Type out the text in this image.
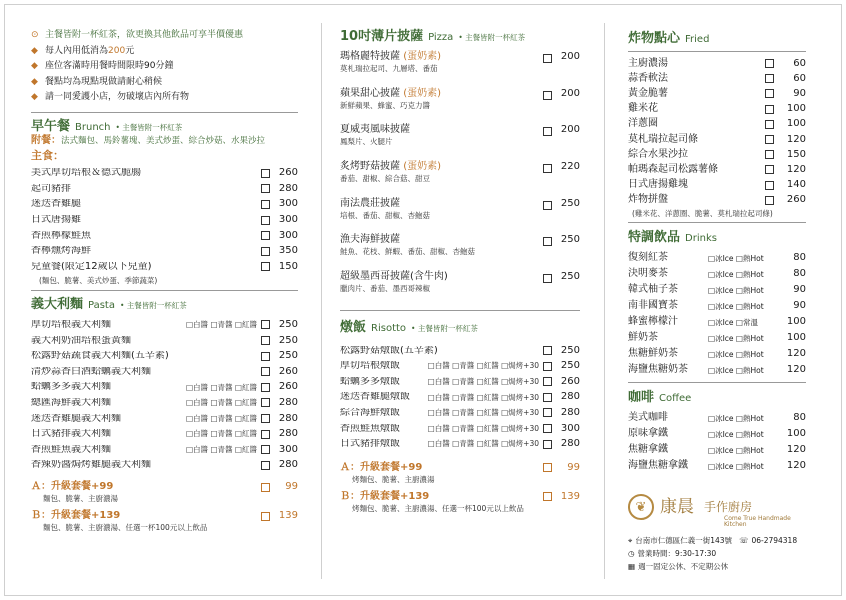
⊙ 主餐皆附一杯紅茶，欲更換其他飲品可享半價優惠
◆ 每人內用低消為 200 元
◆ 座位客滿時用餐時間限時90分鐘
◆ 餐點均為現點現做請耐心稍候
◆ 請一同愛護小店，勿破壞店內所有物
早午餐 Brunch • 主餐皆附一杯紅茶
附餐：法式麵包、馬鈴薯塊、美式炒蛋、綜合炒菇、水果沙拉
主食：
美式厚切培根＆德式脆腸	260
起司豬排	280
迷迭香雞腿	300
日式唐揚雞	300
香煎檸檬鮭魚	300
香檸燻烤海鮮	350
兒童餐(限定12歲以下兒童)	150
(麵包、脆薯、美式炒蛋、季節蔬菜)
義大利麵 Pasta • 主餐皆附一杯紅茶
厚切培根義大利麵	□白醬 □青醬 □紅醬 250
義大利奶油培根蛋黃麵	250
松露野菇蔬食義大利麵(五辛素)	250
清炒蒜香白酒蛤蠣義大利麵	260
蛤蠣多多義大利麵	□白醬 □青醬 □紅醬 260
總匯海鮮義大利麵	□白醬 □青醬 □紅醬 280
迷迭香雞腿義大利麵	□白醬 □青醬 □紅醬 280
日式豬排義大利麵	□白醬 □青醬 □紅醬 280
香煎鮭魚義大利麵	□白醬 □青醬 □紅醬 300
香辣奶醬焗烤雞腿義大利麵	280
Ａ：升級套餐+99	99
麵包、脆薯、主廚濃湯
Ｂ：升級套餐+139	139
麵包、脆薯、主廚濃湯、任選一杯100元以上飲品
10吋薄片披薩 Pizza • 主餐皆附一杯紅茶
瑪格麗特披薩 (蛋奶素)
莫札瑞拉起司、九層塔、番茄
200
蘋果甜心披薩 (蛋奶素)
新鮮蘋果、蜂蜜、巧克力醬
200
夏威夷風味披薩
鳳梨片、火腿片
200
炙烤野菇披薩 (蛋奶素)
番茄、甜椒、綜合菇、甜豆
220
南法農莊披薩
培根、番茄、甜椒、杏鮑菇
250
漁夫海鮮披薩
鮭魚、花枝、鮮蝦、番茄、甜椒、杏鮑菇
250
超級墨西哥披薩(含牛肉)
臘肉片、番茄、墨西哥辣椒
250
燉飯 Risotto • 主餐皆附一杯紅茶
松露野菇燉飯(五辛素)	250
厚切培根燉飯	□白醬 □青醬 □紅醬 □焗烤+30 250
蛤蠣多多燉飯	□白醬 □青醬 □紅醬 □焗烤+30 260
迷迭香雞腿燉飯	□白醬 □青醬 □紅醬 □焗烤+30 280
綜合海鮮燉飯	□白醬 □青醬 □紅醬 □焗烤+30 280
香煎鮭魚燉飯	□白醬 □青醬 □紅醬 □焗烤+30 300
日式豬排燉飯	□白醬 □青醬 □紅醬 □焗烤+30 280
Ａ：升級套餐+99	99
烤麵包、脆薯、主廚濃湯
Ｂ：升級套餐+139	139
烤麵包、脆薯、主廚濃湯、任選一杯100元以上飲品
炸物點心 Fried
主廚濃湯	60
蒜香軟法	60
黃金脆薯	90
雞米花	100
洋蔥圈	100
莫札瑞拉起司條	120
綜合水果沙拉	150
帕瑪森起司松露薯條	120
日式唐揚雞塊	140
炸物拼盤	260
(雞米花、洋蔥圈、脆薯、莫札瑞拉起司條)
特調飲品 Drinks
復刻紅茶	□冰Ice □熱Hot	80
決明麥茶	□冰Ice □熱Hot	80
韓式柚子茶	□冰Ice □熱Hot	90
南非國寶茶	□冰Ice □熱Hot	90
蜂蜜檸檬汁	□冰Ice □常溫	100
鮮奶茶	□冰Ice □熱Hot	100
焦糖鮮奶茶	□冰Ice □熱Hot	120
海鹽焦糖奶茶	□冰Ice □熱Hot	120
咖啡 Coffee
美式咖啡	□冰Ice □熱Hot	80
原味拿鐵	□冰Ice □熱Hot	100
焦糖拿鐵	□冰Ice □熱Hot	120
海鹽焦糖拿鐵	□冰Ice □熱Hot	120
❦ 康晨 手作廚房
Come True Handmade Kitchen
⌖ 台南市仁德區仁義一街143號 ☏ 06-2794318
◷ 營業時間：9:30-17:30
▦ 週一固定公休、不定期公休
